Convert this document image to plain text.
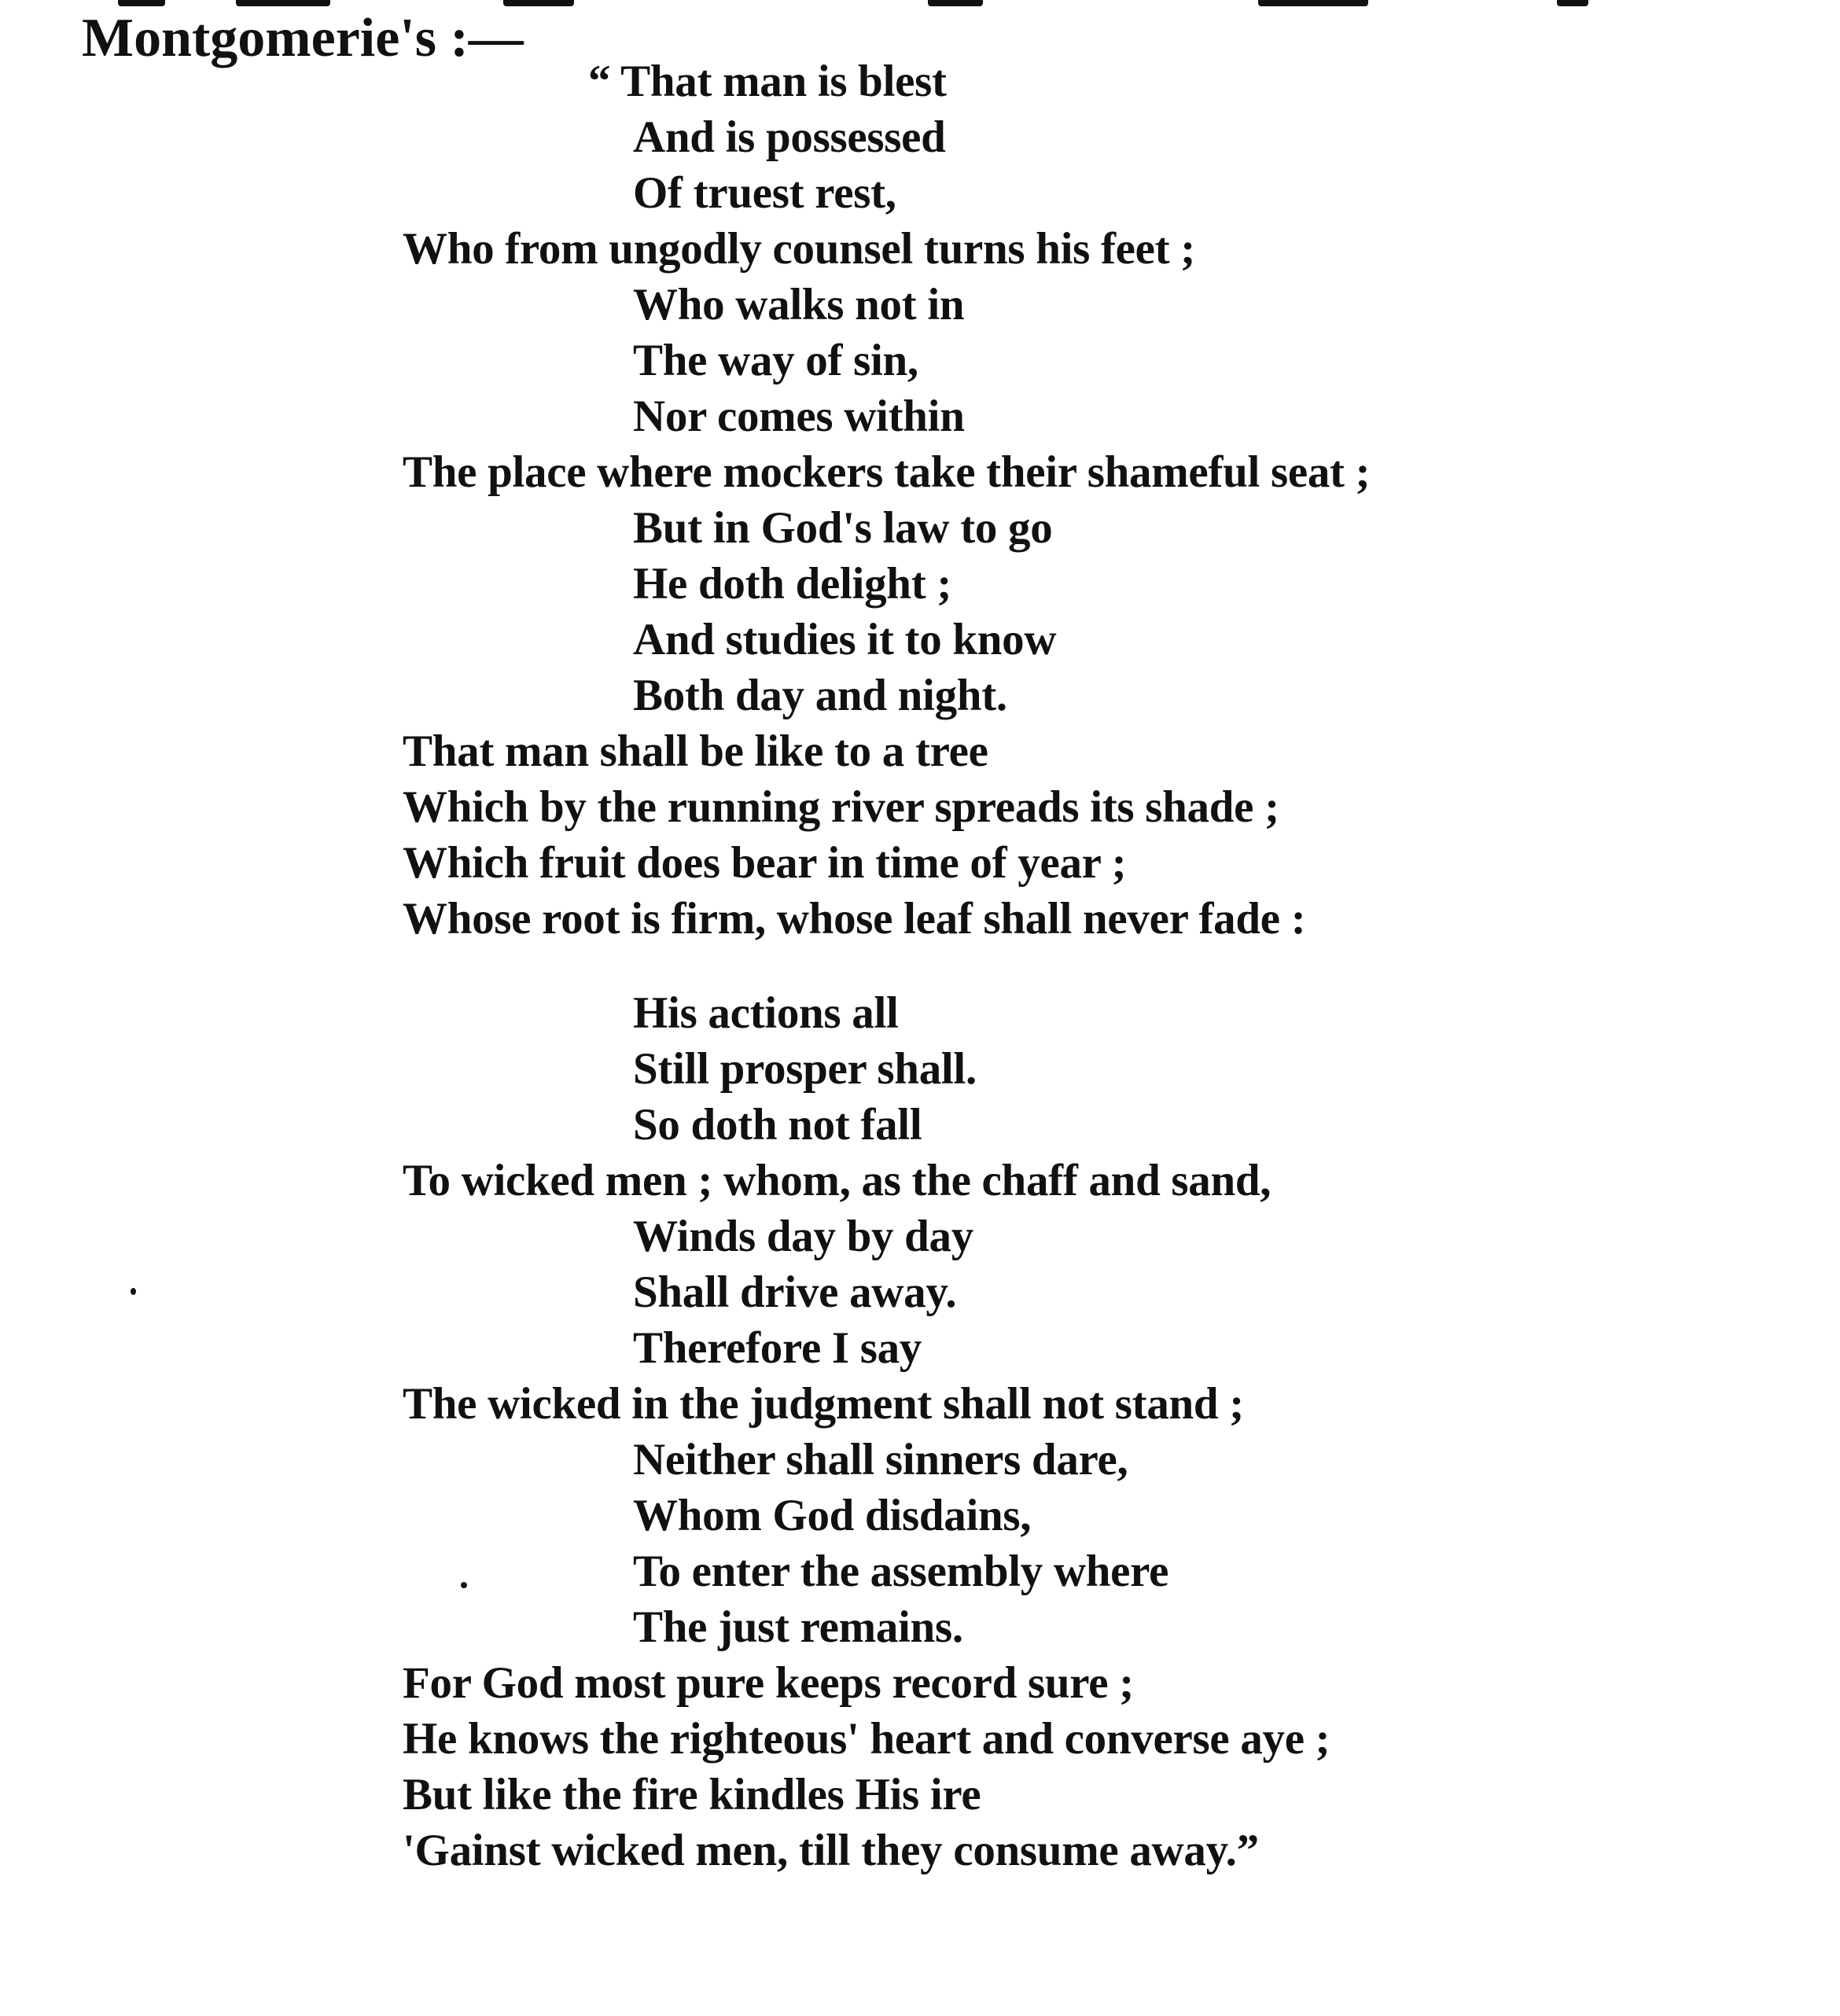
Montgomerie's :—
“ That man is blest
And is possessed
Of truest rest,
Who from ungodly counsel turns his feet ;
Who walks not in
The way of sin,
Nor comes within
The place where mockers take their shameful seat ;
But in God's law to go
He doth delight ;
And studies it to know
Both day and night.
That man shall be like to a tree
Which by the running river spreads its shade ;
Which fruit does bear in time of year ;
Whose root is firm, whose leaf shall never fade :
His actions all
Still prosper shall.
So doth not fall
To wicked men ; whom, as the chaff and sand,
Winds day by day
Shall drive away.
Therefore I say
The wicked in the judgment shall not stand ;
Neither shall sinners dare,
Whom God disdains,
To enter the assembly where
The just remains.
For God most pure keeps record sure ;
He knows the righteous' heart and converse aye ;
But like the fire kindles His ire
'Gainst wicked men, till they consume away.”
